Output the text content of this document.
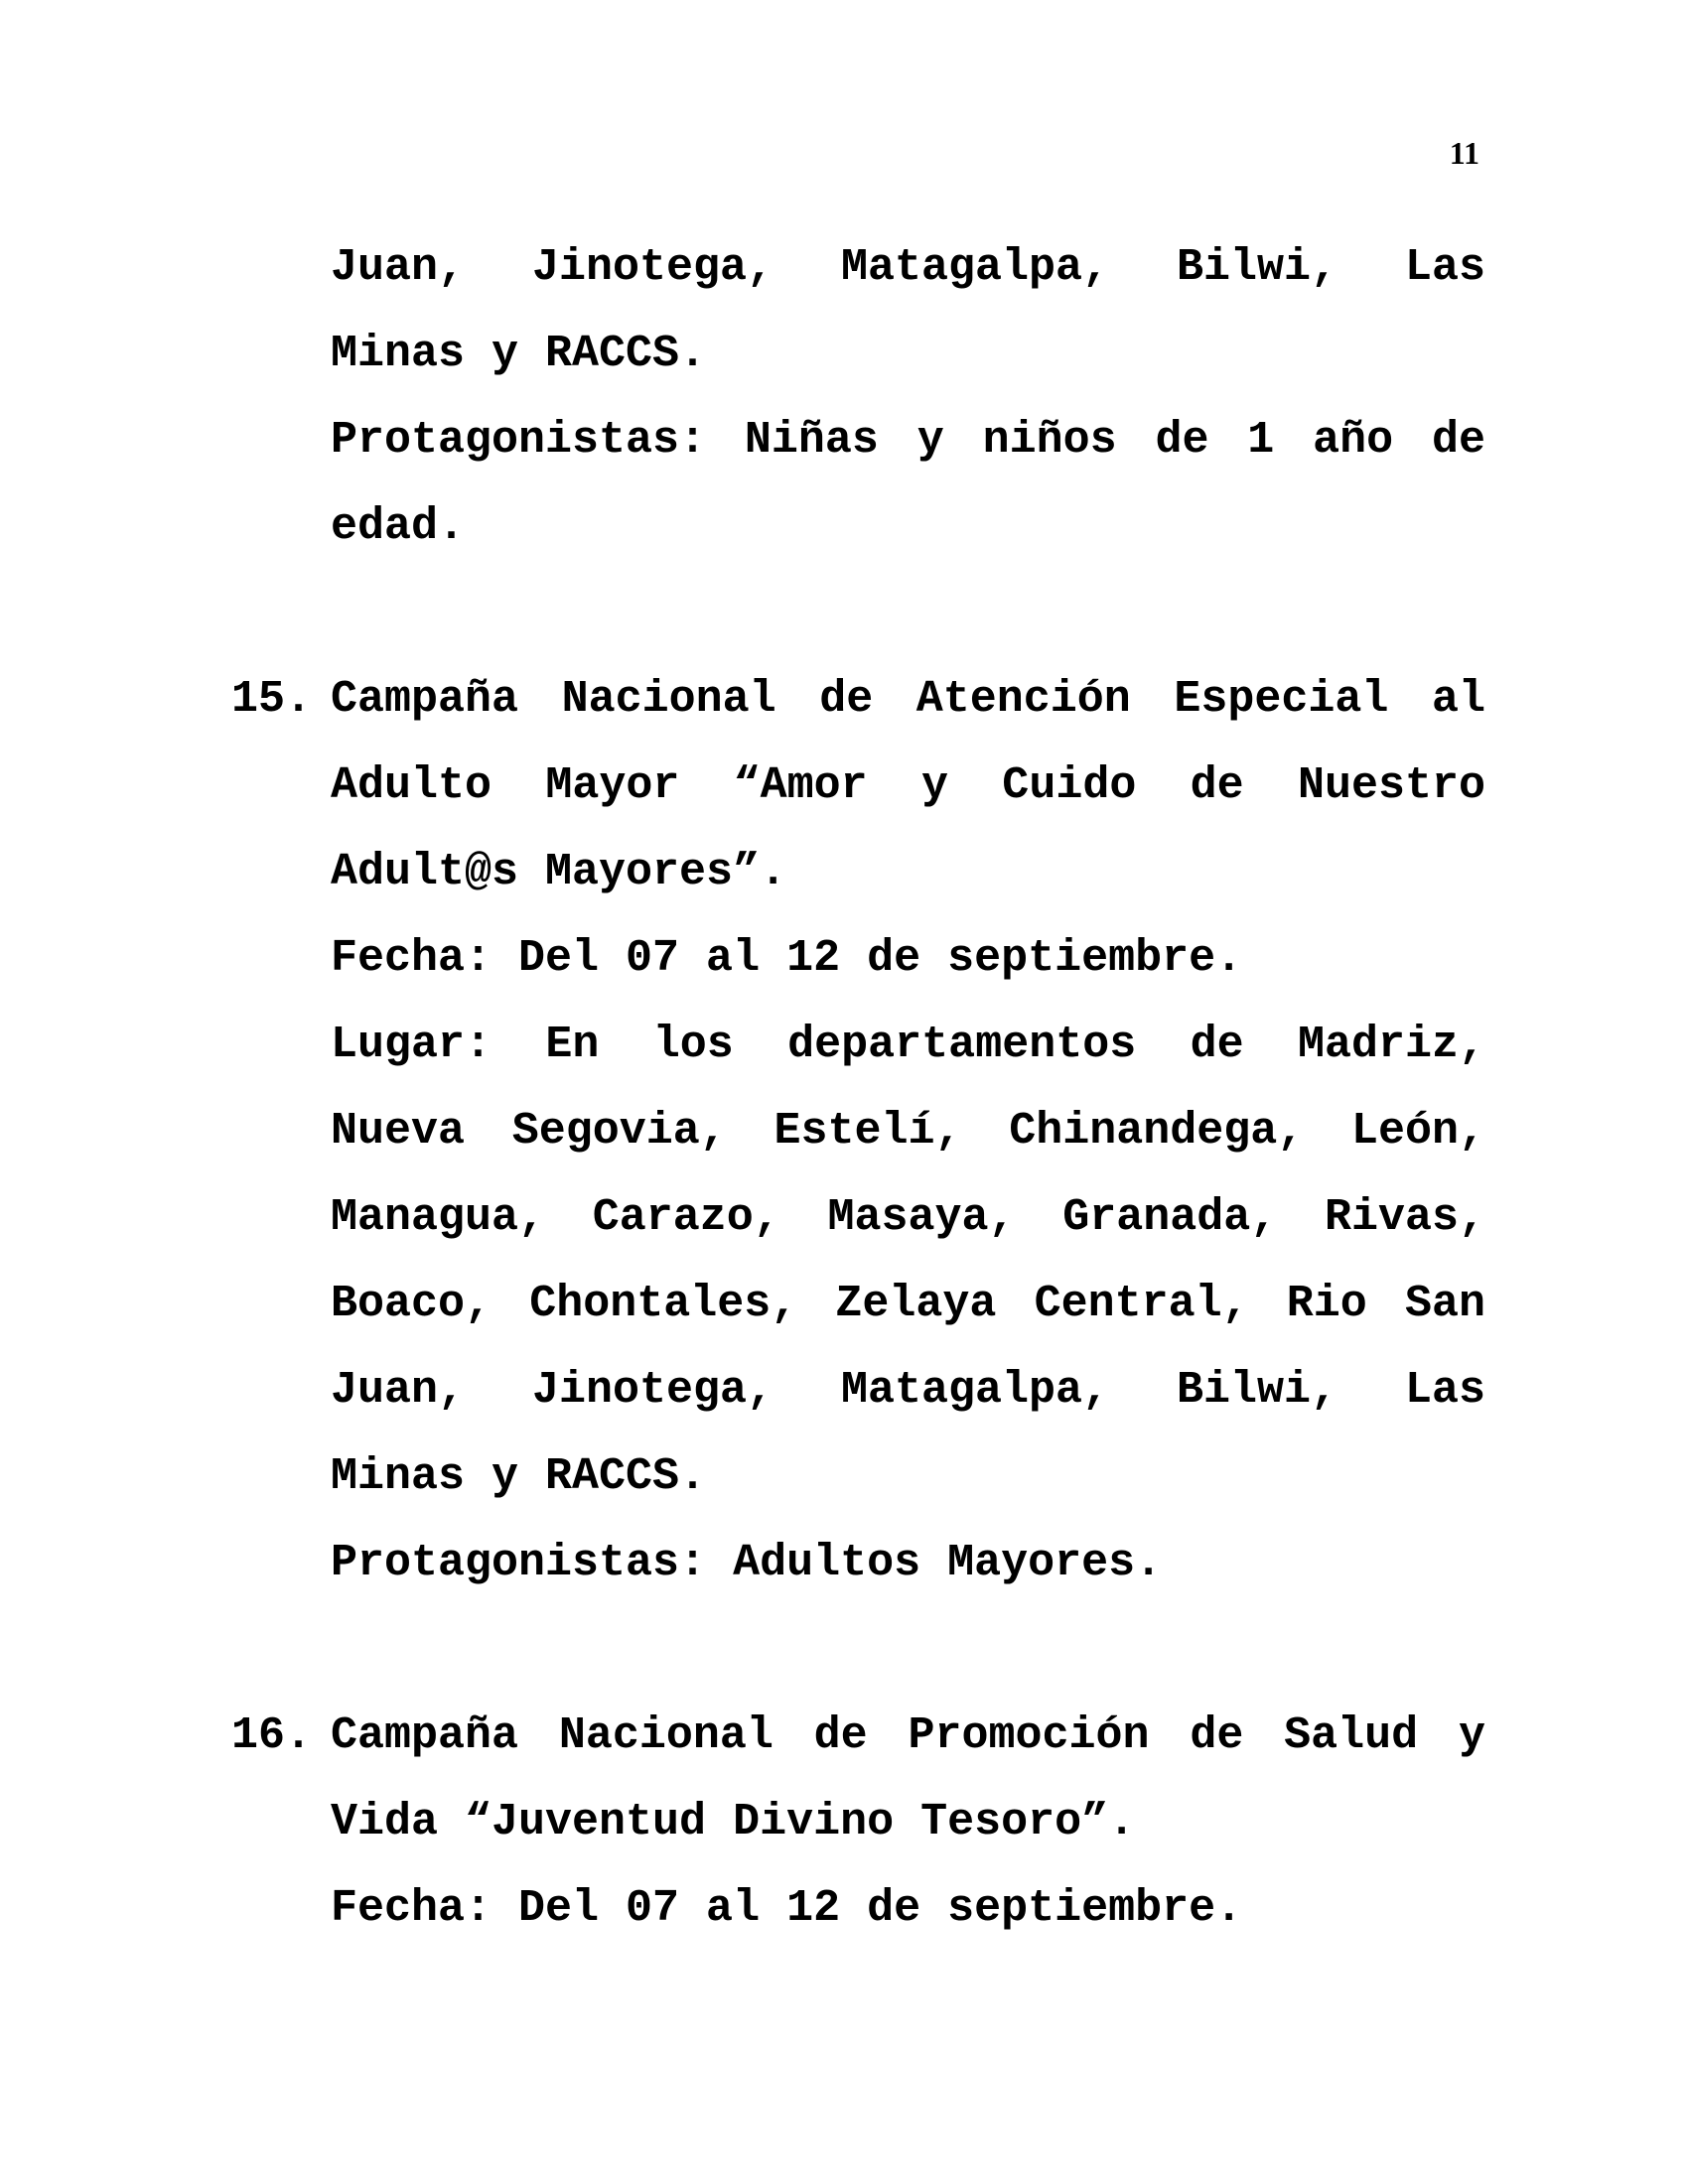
11
Juan, Jinotega, Matagalpa, Bilwi, Las
Minas y RACCS.
Protagonistas: Niñas y niños de 1 año de
edad.
15. Campaña Nacional de Atención Especial al
Adulto Mayor “Amor y Cuido de Nuestro
Adult@s Mayores”.
Fecha: Del 07 al 12 de septiembre.
Lugar: En los departamentos de Madriz,
Nueva Segovia, Estelí, Chinandega, León,
Managua, Carazo, Masaya, Granada, Rivas,
Boaco, Chontales, Zelaya Central, Rio San
Juan, Jinotega, Matagalpa, Bilwi, Las
Minas y RACCS.
Protagonistas: Adultos Mayores.
16. Campaña Nacional de Promoción de Salud y
Vida “Juventud Divino Tesoro”.
Fecha: Del 07 al 12 de septiembre.
